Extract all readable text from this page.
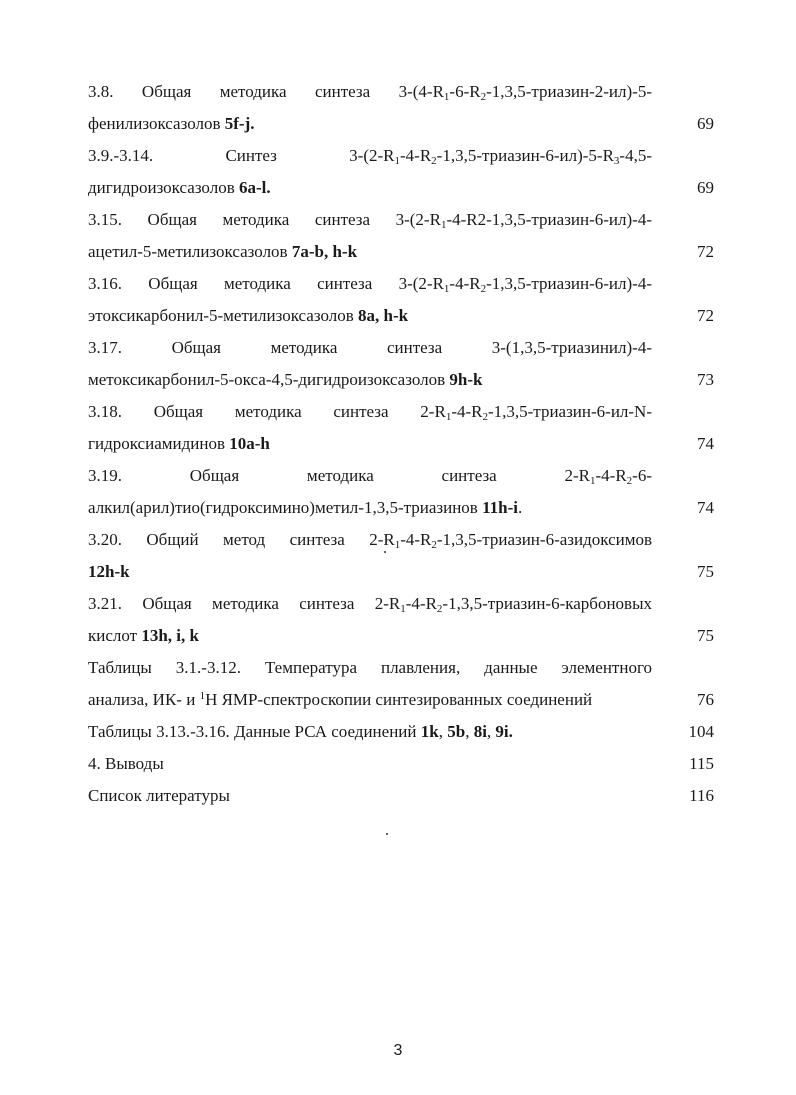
3.8. Общая методика синтеза $3-(4-R_1-6-R_2-1,3,5-триазин-2-ил)-5-$
фенилизоксазолов 5f-j.	69
3.9.-3.14. Синтез $3-(2-R_1-4-R_2-1,3,5-триазин-6-ил)-5-R_3-4,5-$
дигидроизоксазолов 6a-l.	69
3.15. Общая методика синтеза $3-(2-R_1-4-R2-1,3,5-триазин-6-ил)-4-$
ацетил-5-метилизоксазолов 7a-b, h-k	72
3.16. Общая методика синтеза $3-(2-R_1-4-R_2-1,3,5-триазин-6-ил)-4-$
этоксикарбонил-5-метилизоксазолов 8a, h-k	72
3.17. Общая методика синтеза 3-(1,3,5-триазинил)-4-
метоксикарбонил-5-окса-4,5-дигидроизоксазолов 9h-k	73
3.18. Общая методика синтеза $2-R_1-4-R_2-1,3,5-триазин-6-ил-N-$
гидроксиамидинов 10a-h	74
3.19. Общая методика синтеза $2-R_1-4-R_2-6-$
алкил(арил)тио(гидроксимино)метил-1,3,5-триазинов 11h-i.	74
3.20. Общий метод синтеза $2-R_1-4-R_2-1,3,5-триазин-6$-азидоксимов
12h-k	75
3.21. Общая методика синтеза $2-R_1-4-R_2-1,3,5-триазин-6$-карбоновых
кислот 13h, i, k	75
Таблицы 3.1.-3.12. Температура плавления, данные элементного
анализа, ИК- и $^1$Н ЯМР-спектроскопии синтезированных соединений	76
Таблицы 3.13.-3.16. Данные РСА соединений 1k, 5b, 8i, 9i.	104
4. Выводы	115
Список литературы	116
3
